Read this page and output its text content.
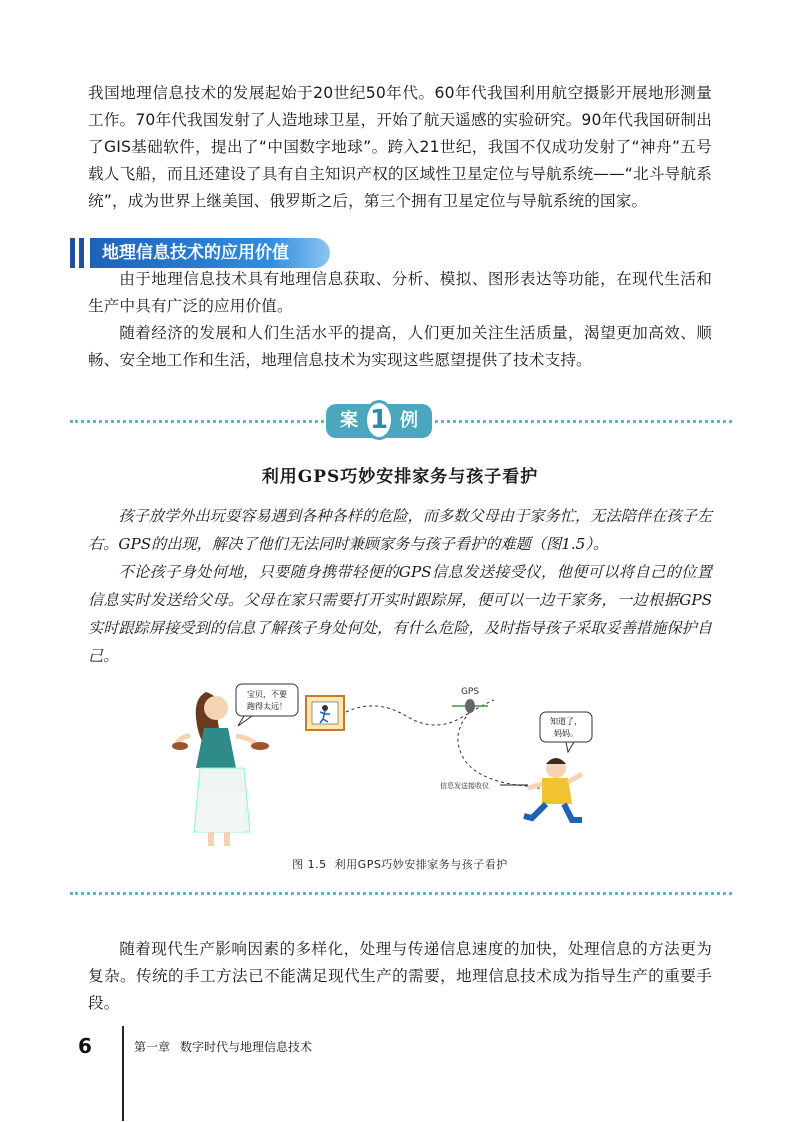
我国地理信息技术的发展起始于20世纪50年代。60年代我国利用航空摄影开展地形测量工作。70年代我国发射了人造地球卫星，开始了航天遥感的实验研究。90年代我国研制出了GIS基础软件，提出了“中国数字地球”。跨入21世纪，我国不仅成功发射了“神舟”五号载人飞船，而且还建设了具有自主知识产权的区域性卫星定位与导航系统——“北斗导航系统”，成为世界上继美国、俄罗斯之后，第三个拥有卫星定位与导航系统的国家。

地理信息技术的应用价值

由于地理信息技术具有地理信息获取、分析、模拟、图形表达等功能，在现代生活和生产中具有广泛的应用价值。

随着经济的发展和人们生活水平的提高，人们更加关注生活质量，渴望更加高效、顺畅、安全地工作和生活，地理信息技术为实现这些愿望提供了技术支持。

案 1 例
利用GPS巧妙安排家务与孩子看护

孩子放学外出玩耍容易遇到各种各样的危险，而多数父母由于家务忙，无法陪伴在孩子左右。GPS的出现，解决了他们无法同时兼顾家务与孩子看护的难题（图1.5）。

不论孩子身处何地，只要随身携带轻便的GPS信息发送接受仪，他便可以将自己的位置信息实时发送给父母。父母在家只需要打开实时跟踪屏，便可以一边干家务，一边根据GPS实时跟踪屏接受到的信息了解孩子身处何处，有什么危险，及时指导孩子采取妥善措施保护自己。

宝贝，不要
跑得太远！
GPS
知道了，
妈妈。
信息发送接收仪
图 1.5 利用GPS巧妙安排家务与孩子看护

随着现代生产影响因素的多样化，处理与传递信息速度的加快，处理信息的方法更为复杂。传统的手工方法已不能满足现代生产的需要，地理信息技术成为指导生产的重要手段。

6	第一章 数字时代与地理信息技术
